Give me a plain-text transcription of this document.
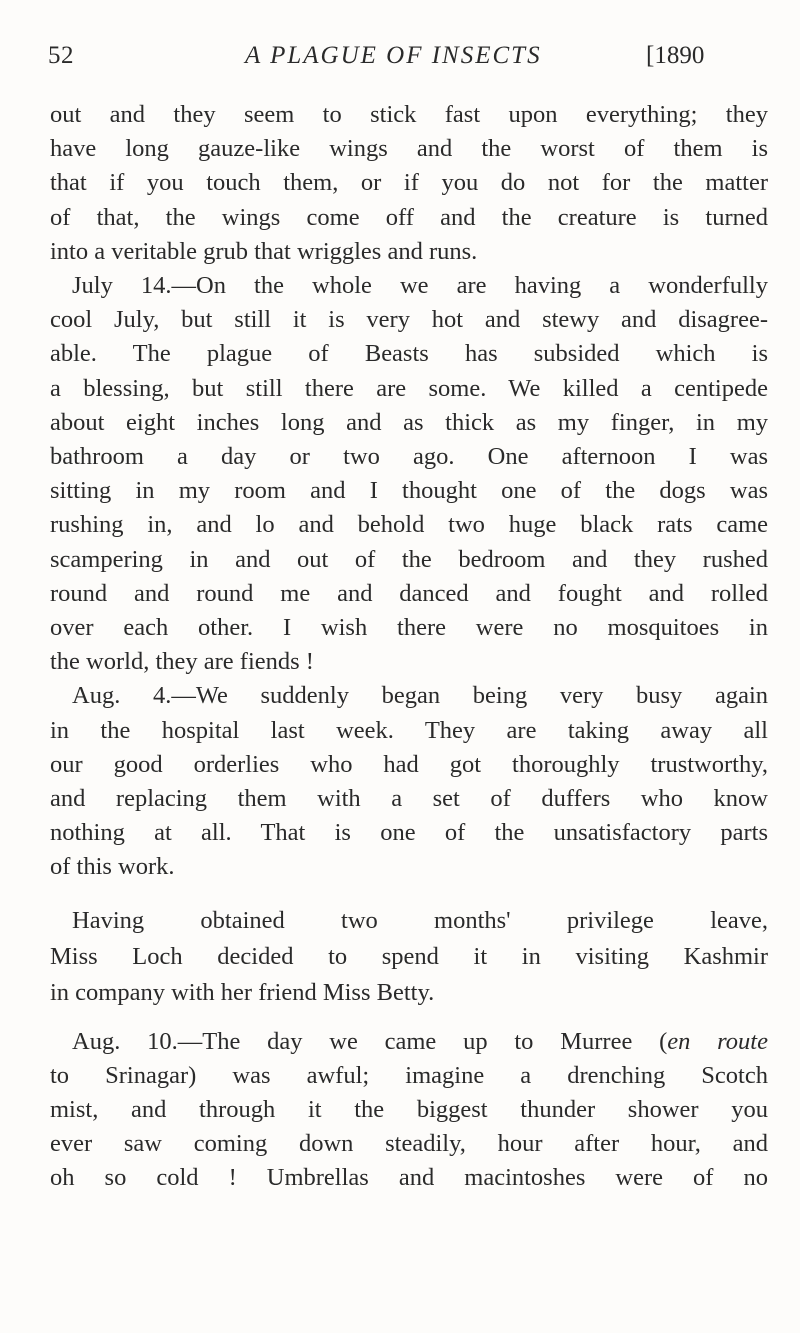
52	A PLAGUE OF INSECTS	[1890

out and they seem to stick fast upon everything; they
have long gauze-like wings and the worst of them is
that if you touch them, or if you do not for the matter
of that, the wings come off and the creature is turned
into a veritable grub that wriggles and runs.

July 14.—On the whole we are having a wonderfully
cool July, but still it is very hot and stewy and disagree-
able. The plague of Beasts has subsided which is
a blessing, but still there are some. We killed a centipede
about eight inches long and as thick as my finger, in my
bathroom a day or two ago. One afternoon I was
sitting in my room and I thought one of the dogs was
rushing in, and lo and behold two huge black rats came
scampering in and out of the bedroom and they rushed
round and round me and danced and fought and rolled
over each other. I wish there were no mosquitoes in
the world, they are fiends !

Aug. 4.—We suddenly began being very busy again
in the hospital last week. They are taking away all
our good orderlies who had got thoroughly trustworthy,
and replacing them with a set of duffers who know
nothing at all. That is one of the unsatisfactory parts
of this work.

Having obtained two months' privilege leave,
Miss Loch decided to spend it in visiting Kashmir
in company with her friend Miss Betty.

Aug. 10.—The day we came up to Murree (en route
to Srinagar) was awful; imagine a drenching Scotch
mist, and through it the biggest thunder shower you
ever saw coming down steadily, hour after hour, and
oh so cold ! Umbrellas and macintoshes were of no
